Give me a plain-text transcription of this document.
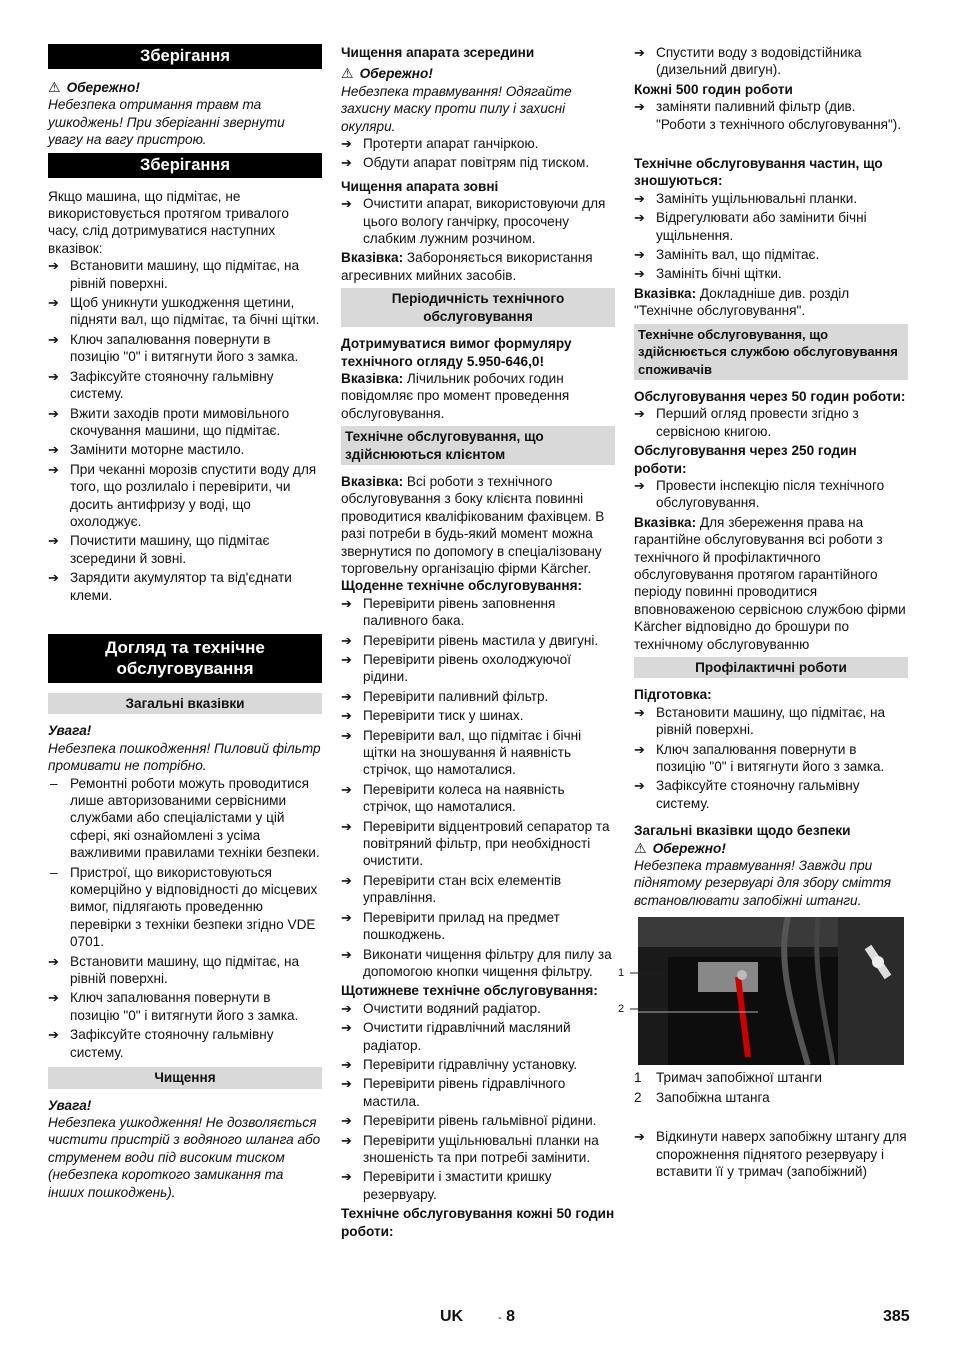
Зберігання

⚠ Обережно!

Небезпека отримання травм та ушкоджень! При зберіганні звернути увагу на вагу пристрою.

Зберігання

Якщо машина, що підмітає, не використовується протягом тривалого часу, слід дотримуватися наступних вказівок:

➔ Встановити машину, що підмітає, на рівній поверхні.
➔ Щоб уникнути ушкодження щетини, підняти вал, що підмітає, та бічні щітки.
➔ Ключ запалювання повернути в позицію "0" і витягнути його з замка.
➔ Зафіксуйте стояночну гальмівну систему.
➔ Вжити заходів проти мимовільного скочування машини, що підмітає.
➔ Замінити моторне мастило.
➔ При чеканні морозів спустити воду для того, що розлилаlo і перевірити, чи досить антифризу у воді, що охолоджує.
➔ Почистити машину, що підмітає зсередини й зовні.
➔ Зарядити акумулятор та від'єднати клеми.
Догляд та технічне обслуговування
Загальні вказівки

Увага!

Небезпека пошкодження! Пиловий фільтр промивати не потрібно.

– Ремонтні роботи можуть проводитися лише авторизованими сервісними службами або спеціалістами у цій сфері, які ознайомлені з усіма важливими правилами техніки безпеки.
– Пристрої, що використовуються комерційно у відповідності до місцевих вимог, підлягають проведенню перевірки з техніки безпеки згідно VDE 0701.
➔ Встановити машину, що підмітає, на рівній поверхні.
➔ Ключ запалювання повернути в позицію "0" і витягнути його з замка.
➔ Зафіксуйте стояночну гальмівну систему.
Чищення

Увага!

Небезпека ушкодження! Не дозволяється чистити пристрій з водяного шланга або струменем води під високим тиском (небезпека короткого замикання та інших пошкоджень).

Чищення апарата зсередини

⚠ Обережно!

Небезпека травмування! Одягайте захисну маску проти пилу і захисні окуляри.

➔ Протерти апарат ганчіркою.
➔ Обдути апарат повітрям під тиском.

Чищення апарата зовні

➔ Очистити апарат, використовуючи для цього вологу ганчірку, просочену слабким лужним розчином.

Вказівка: Забороняється використання агресивних мийних засобів.

Періодичність технічного обслуговування

Дотримуватися вимог формуляру технічного огляду 5.950-646,0!

Вказівка: Лічильник робочих годин повідомляє про момент проведення обслуговування.

Технічне обслуговування, що здійснюються клієнтом

Вказівка: Всі роботи з технічного обслуговування з боку клієнта повинні проводитися кваліфікованим фахівцем. В разі потреби в будь-який момент можна звернутися по допомогу в спеціалізовану торговельну організацію фірми Kärcher.

Щоденне технічне обслуговування:

➔ Перевірити рівень заповнення паливного бака.
➔ Перевірити рівень мастила у двигуні.
➔ Перевірити рівень охолоджуючої рідини.
➔ Перевірити паливний фільтр.
➔ Перевірити тиск у шинах.
➔ Перевірити вал, що підмітає і бічні щітки на зношування й наявність стрічок, що намоталися.
➔ Перевірити колеса на наявність стрічок, що намоталися.
➔ Перевірити відцентровий сепаратор та повітряний фільтр, при необхідності очистити.
➔ Перевірити стан всіх елементів управління.
➔ Перевірити прилад на предмет пошкоджень.
➔ Виконати чищення фільтру для пилу за допомогою кнопки чищення фільтру.

Щотижневе технічне обслуговування:

➔ Очистити водяний радіатор.
➔ Очистити гідравлічний масляний радіатор.
➔ Перевірити гідравлічну установку.
➔ Перевірити рівень гідравлічного мастила.
➔ Перевірити рівень гальмівної рідини.
➔ Перевірити ущільнювальні планки на зношеність та при потребі замінити.
➔ Перевірити і змастити кришку резервуару.

Технічне обслуговування кожні 50 годин роботи:

➔ Спустити воду з водовідстійника (дизельний двигун).

Кожні 500 годин роботи

➔ заміняти паливний фільтр (див. "Роботи з технічного обслуговування").

Технічне обслуговування частин, що зношуються:

➔ Замініть ущільнювальні планки.
➔ Відрегулювати або замінити бічні ущільнення.
➔ Замініть вал, що підмітає.
➔ Замініть бічні щітки.

Вказівка: Докладніше див. розділ "Технічне обслуговування".

Технічне обслуговування, що здійснюється службою обслуговування споживачів

Обслуговування через 50 годин роботи:

➔ Перший огляд провести згідно з сервісною книгою.

Обслуговування через 250 годин роботи:

➔ Провести інспекцію після технічного обслуговування.

Вказівка: Для збереження права на гарантійне обслуговування всі роботи з технічного й профілактичного обслуговування протягом гарантійного періоду повинні проводитися вповноваженою сервісною службою фірми Kärcher відповідно до брошури по технічному обслуговуванню

Профілактичні роботи

Підготовка:

➔ Встановити машину, що підмітає, на рівній поверхні.
➔ Ключ запалювання повернути в позицію "0" і витягнути його з замка.
➔ Зафіксуйте стояночну гальмівну систему.

Загальні вказівки щодо безпеки

⚠ Обережно!

Небезпека травмування! Завжди при піднятому резервуарі для збору сміття встановлювати запобіжні штанги.

1
2
1	Тримач запобіжної штанги
2	Запобіжна штанга
➔ Відкинути наверх запобіжну штангу для спорожнення піднятого резервуару і вставити її у тримач (запобіжний)
UK	- 8	385
